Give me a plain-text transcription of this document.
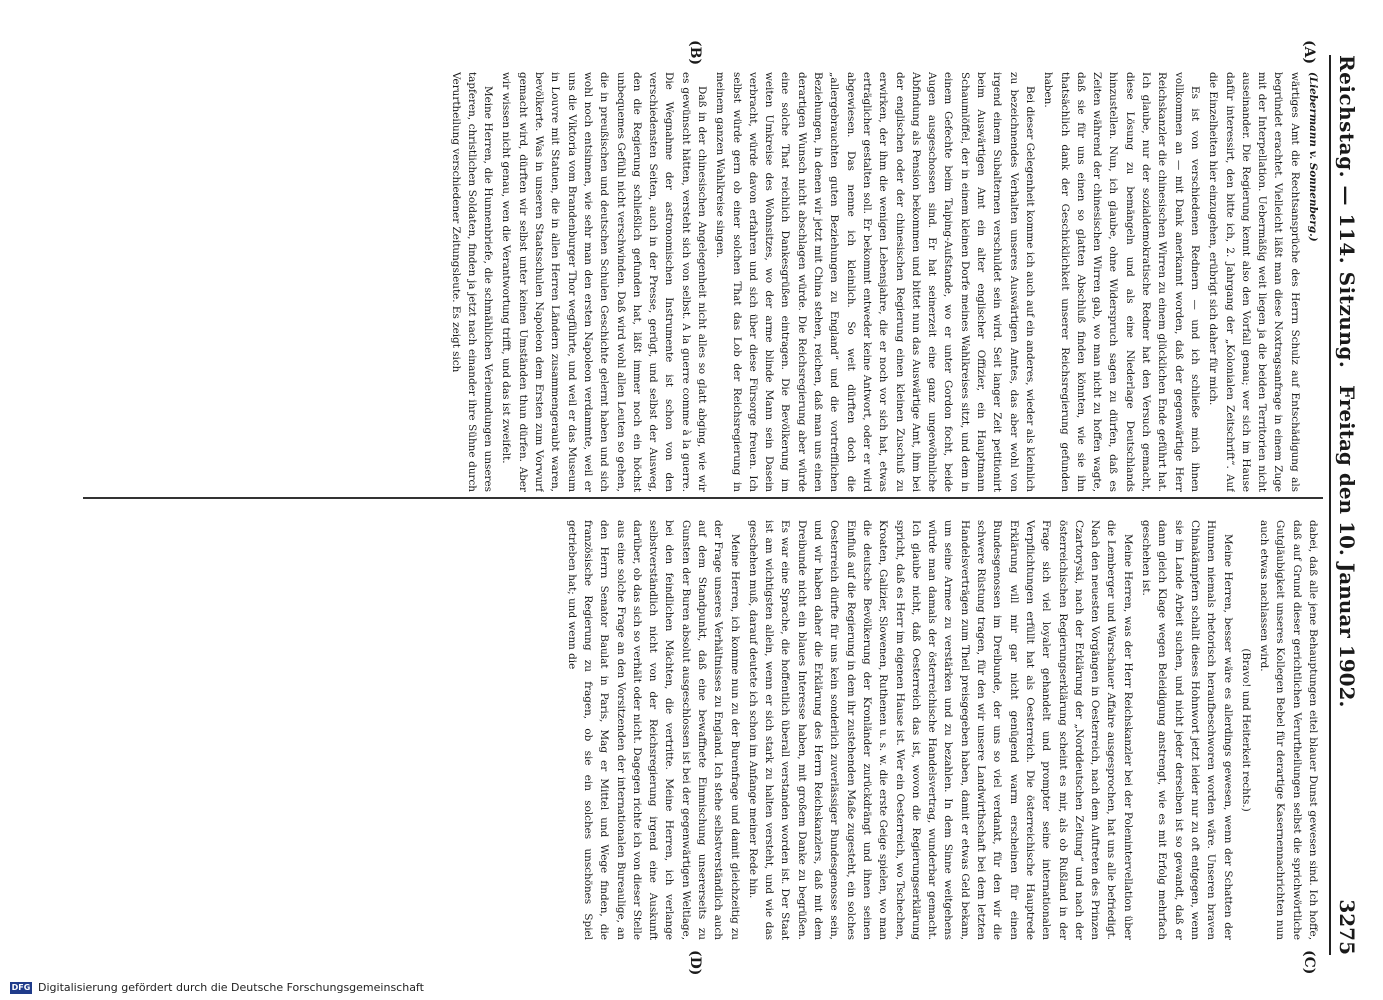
Reichstag. — 114. Sitzung.
3275
Freitag den 10. Januar 1902.
(A)
(B)
(C)
(D)

(Liebermann v. Sonnenberg.)

wärtiges Amt die Rechtsansprüche des Herrn Schulz auf Entschädigung als begründet erachtet. Vielleicht läßt man diese Noxtragsanfrage in einem Zuge mit der Interpellation. Uebermäßig weit liegen ja die beiden Territorien nicht auseinander. Die Regierung kennt also den Vorfall genau; wer sich im Hause dafür interessirt, den bitte ich, 2. Jahrgang der „Kolonialen Zeitschrift“. Auf die Einzelheiten hier einzugehen, erübrigt sich daher für mich.

Es ist von verschiedenen Rednern — und ich schließe mich ihnen vollkommen an — mit Dank anerkannt worden, daß der gegenwärtige Herr Reichskanzler die chinesischen Wirren zu einem glücklichen Ende geführt hat. Ich glaube, nur der sozialdemokratische Redner hat den Versuch gemacht, diese Lösung zu bemängeln und als eine Niederlage Deutschlands hinzustellen. Nun, ich glaube, ohne Widerspruch sagen zu dürfen, daß es Zeiten während der chinesischen Wirren gab, wo man nicht zu hoffen wagte, daß sie für uns einen so glatten Abschluß finden könnten, wie sie ihn thatsächlich dank der Geschicklichkeit unserer Reichsregierung gefunden haben.

Bei dieser Gelegenheit komme ich auch auf ein anderes, wieder als kleinlich zu bezeichnendes Verhalten unseres Auswärtigen Amtes, das aber wohl von irgend einem Subalternen verschuldet sein wird. Seit langer Zeit petitionirt beim Auswärtigen Amt ein alter englischer Offizier, ein Hauptmann Schaumlöffel, der in einem kleinen Dorfe meines Wahlkreises sitzt, und dem in einem Gefechte beim Taiping-Aufstande, wo er unter Gordon focht, beide Augen ausgeschossen sind. Er hat seinerzeit eine ganz ungewöhnliche Abfindung als Pension bekommen und bittet nun das Auswärtige Amt, ihm bei der englischen oder der chinesischen Regierung einen kleinen Zuschuß zu erwirken, der ihm die wenigen Lebensjahre, die er noch vor sich hat, etwas erträglicher gestalten soll. Er bekommt entweder keine Antwort, oder er wird abgewiesen. Das nenne ich kleinlich. So weit dürften doch die „allergebrauchten guten Beziehungen zu England“ und die vortrefflichen Beziehungen, in denen wir jetzt mit China stehen, reichen, daß man uns einen derartigen Wunsch nicht abschlagen würde. Die Reichsregierung aber würde eine solche That reichlich Dankesgrüßen eintragen. Die Bevölkerung im weiten Umkreise des Wohnsitzes, wo der arme blinde Mann sein Dasein verbracht, würde davon erfahren und sich über diese Fürsorge freuen. Ich selbst würde gern ob einer solchen That das Lob der Reichsregierung in meinem ganzen Wahlkreise singen.

Daß in der chinesischen Angelegenheit nicht alles so glatt abging, wie wir es gewünscht hätten, versteht sich von selbst. A la guerre comme à la guerre. Die Wegnahme der astronomischen Instrumente ist schon von den verschiedensten Seiten, auch in der Presse, gerügt, und selbst der Ausweg, den die Regierung schließlich gefunden hat, läßt immer noch ein höchst unbequemes Gefühl nicht verschwinden. Daß wird wohl allen Leuten so gehen, die in preußischen und deutschen Schulen Geschichte gelernt haben und sich wohl noch entsinnen, wie sehr man den ersten Napoleon verdammte, weil er uns die Viktoria vom Brandenburger Thor wegführte, und weil er das Museum in Louvre mit Statuen, die in allen Herren Ländern zusammengeraubt waren, bevölkerte. Was in unseren Staatsschulen Napoleon dem Ersten zum Vorwurf gemacht wird, dürften wir selbst unter keinen Umständen thun dürfen. Aber wir wissen nicht genau, wen die Verantwortung trifft, und das ist zweifelt.

Meine Herren, die Hunnenbriefe, die schmählichen Verleumdungen unseres tapferen, christlichen Soldaten, finden ja jetzt nach einander ihre Sühne durch Verurtheilung verschiedener Zeitungsleute. Es zeigt sich

dabei, daß alle jene Behauptungen eitel blauer Dunst gewesen sind. Ich hoffe, daß auf Grund dieser gerichtlichen Verurtheilungen selbst die sprichwörtliche Gutgläubigkeit unseres Kollegen Bebel für derartige Kasernennachrichten nun auch etwas nachlassen wird.

(Bravo! und Heiterkeit rechts.)

Meine Herren, besser wäre es allerdings gewesen, wenn der Schatten der Hunnen niemals rhetorisch heraufbeschworen worden wäre. Unseren braven Chinakämpfern schallt dieses Hohnwort jetzt leider nur zu oft entgegen, wenn sie im Lande Arbeit suchen, und nicht jeder derselben ist so gewandt, daß er dann gleich Klage wegen Beleidigung anstrengt, wie es mit Erfolg mehrfach geschehen ist.

Meine Herren, was der Herr Reichskanzler bei der Polenintervellation über die Lemberger und Warschauer Affaire ausgesprochen, hat uns alle befriedigt. Nach den neuesten Vorgängen in Oesterreich, nach dem Auftreten des Prinzen Czartoryski, nach der Erklärung der „Norddeutschen Zeitung“ und nach der österreichischen Regierungserklärung scheint es mir, als ob Rußland in der Frage sich viel loyaler gehandelt und prompter seine internationalen Verpflichtungen erfüllt hat als Oesterreich. Die österreichische Hauptrede Erklärung will mir gar nicht genügend warm erscheinen für einen Bundesgenossen im Dreibunde, der uns so viel verdankt, für den wir die schwere Rüstung tragen, für den wir unsere Landwirthschaft bei dem letzten Handelsverträgen zum Theil preisgegeben haben, damit er etwas Geld bekam, um seine Armee zu verstärken und zu bezahlen. In dem Sinne weitgehens würde man damals der österreichische Handelsvertrag, wunderbar gemacht. Ich glaube nicht, daß Oesterreich das ist, wovon die Regierungserklärung spricht, daß es Herr im eigenen Hause ist. Wer ein Oesterreich, wo Tschechen, Kroaten, Galizier, Slowenen, Ruthenen u. s. w. die erste Geige spielen, wo man die deutsche Bevölkerung der Kronländer zurückdrängt und ihnen seinen Einfluß auf die Regierung in dem ihr zustehenden Maße zugesteht, ein solches Oesterreich dürfte für uns kein sonderlich zuverlässiger Bundesgenosse sein, und wir haben daher die Erklärung des Herrn Reichskanzlers, daß mit dem Dreibunde nicht ein blaues Interesse haben, mit großem Danke zu begrüßen. Es war eine Sprache, die hoffentlich überall verstanden worden ist. Der Staat ist am wichtigsten allein, wenn er sich stark zu halten versteht, und wie das geschehen muß, darauf deutete ich schon im Anfange meiner Rede hin.

Meine Herren, ich komme nun zu der Burenfrage und damit gleichzeitig zu der Frage unseres Verhältnisses zu England. Ich stehe selbstverständlich auch auf dem Standpunkt, daß eine bewaffnete Einmischung unsererseits zu Gunsten der Buren absolut ausgeschlossen ist bei der gegenwärtigen Weltlage, bei den feindlichen Mächten, die vertritte. Meine Herren, ich verlange selbstverständlich nicht von der Reichsregierung irgend eine Auskunft darüber, ob das sich so verhält oder nicht. Dagegen richte ich von dieser Stelle aus eine solche Frage an den Vorsitzenden der internationalen Bureaulige, an den Herrn Senator Baulat in Paris, Mag er Mittel und Wege finden, die französische Regierung zu fragen, ob sie ein solches unschönes Spiel getrieben hat; und wenn die

DFG Digitalisierung gefördert durch die Deutsche Forschungsgemeinschaft
